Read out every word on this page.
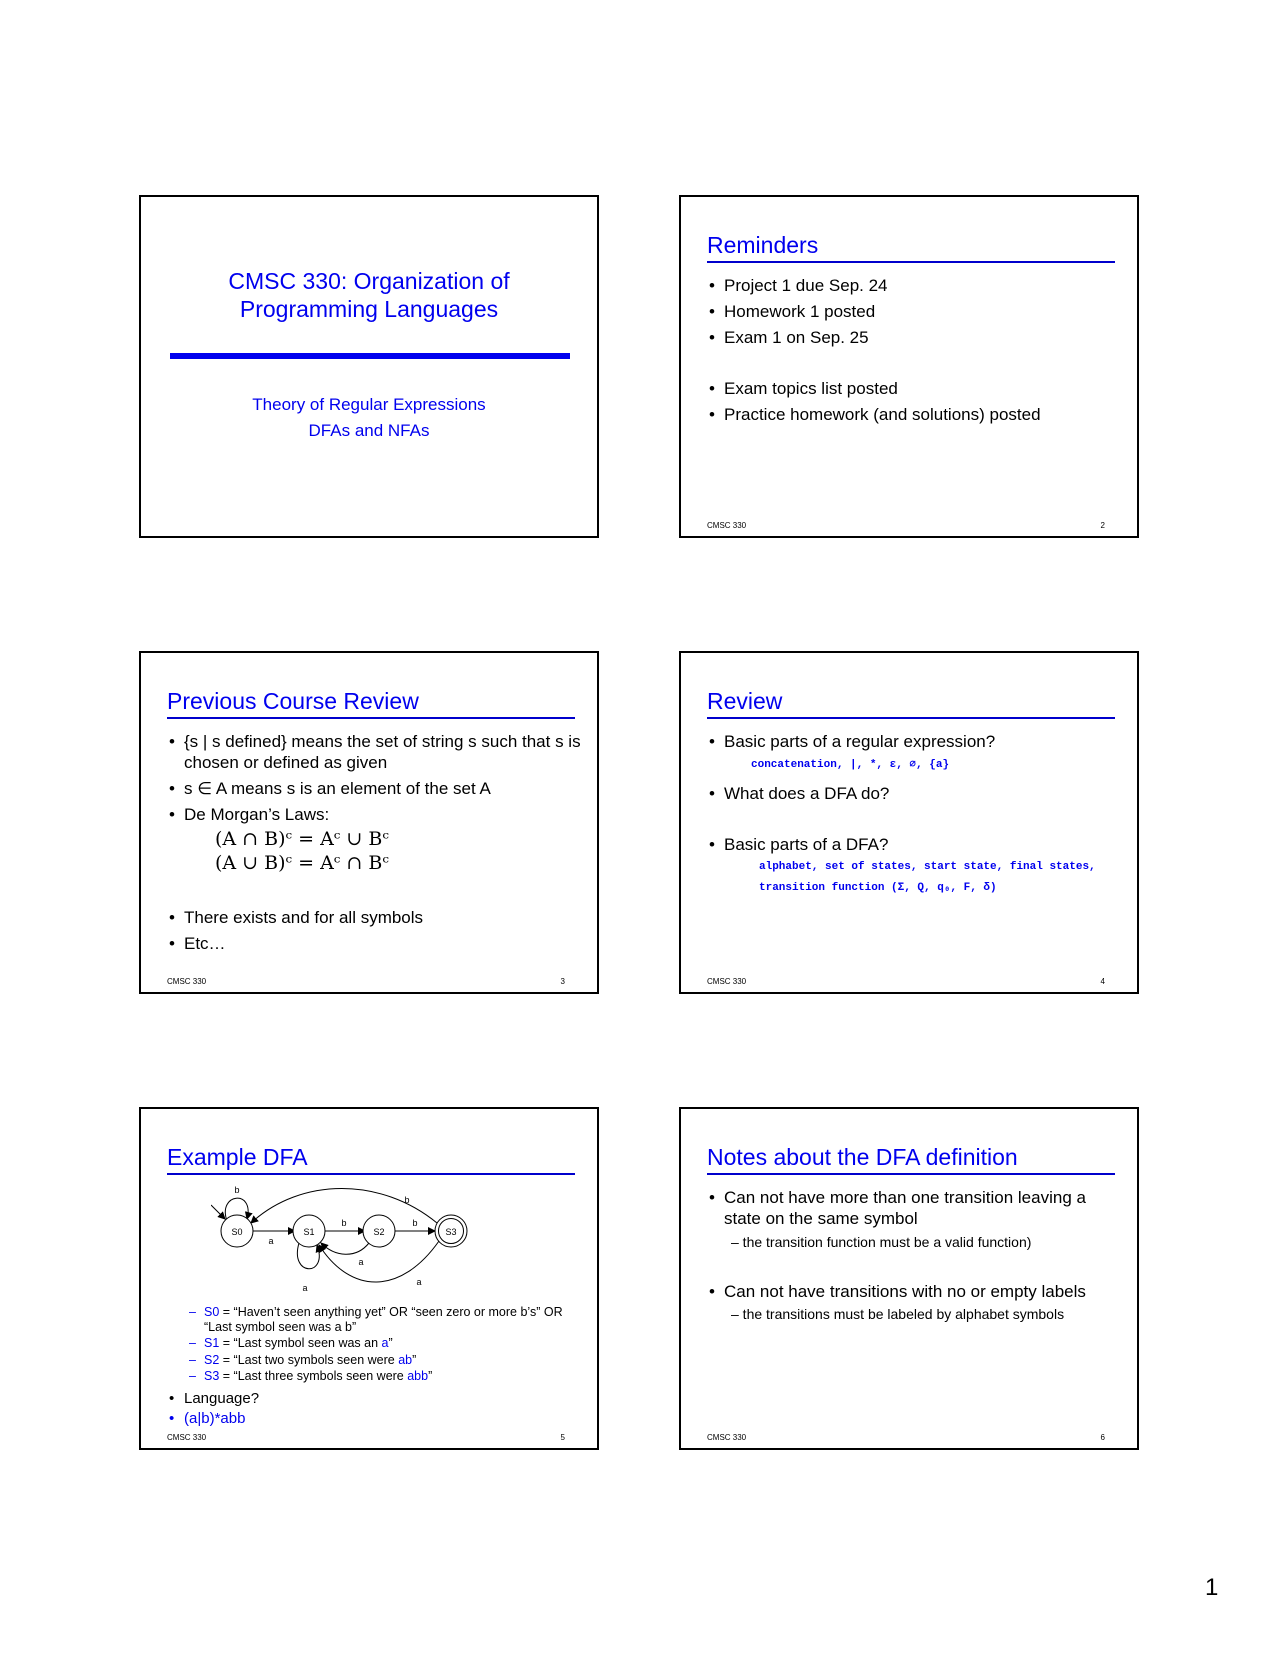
CMSC 330: Organization of
Programming Languages
Theory of Regular Expressions
DFAs and NFAs
Reminders
• Project 1 due Sep. 24
• Homework 1 posted
• Exam 1 on Sep. 25
• Exam topics list posted
• Practice homework (and solutions) posted
CMSC 330	2
Previous Course Review
• {s | s defined} means the set of string s such that s is chosen or defined as given
• s ∈ A means s is an element of the set A
• De Morgan’s Laws:
(A ∩ B)ᶜ = Aᶜ ∪ Bᶜ
(A ∪ B)ᶜ = Aᶜ ∩ Bᶜ
• There exists and for all symbols
• Etc…
CMSC 330	3
Review
• Basic parts of a regular expression?
concatenation, |, *, ε, ∅, {a}
• What does a DFA do?
• Basic parts of a DFA?
alphabet, set of states, start state, final states,
transition function (Σ, Q, q₀, F, δ)
CMSC 330	4
Example DFA
S0	S1	S2	S3
b
b
a
b	b
a
a
a
– S0 = “Haven’t seen anything yet” OR “seen zero or more b’s” OR “Last symbol seen was a b”
– S1 = “Last symbol seen was an a”
– S2 = “Last two symbols seen were ab”
– S3 = “Last three symbols seen were abb”
• Language?
• (a|b)*abb
CMSC 330	5
Notes about the DFA definition
• Can not have more than one transition leaving a state on the same symbol
– the transition function must be a valid function)
• Can not have transitions with no or empty labels
– the transitions must be labeled by alphabet symbols
CMSC 330	6
1
